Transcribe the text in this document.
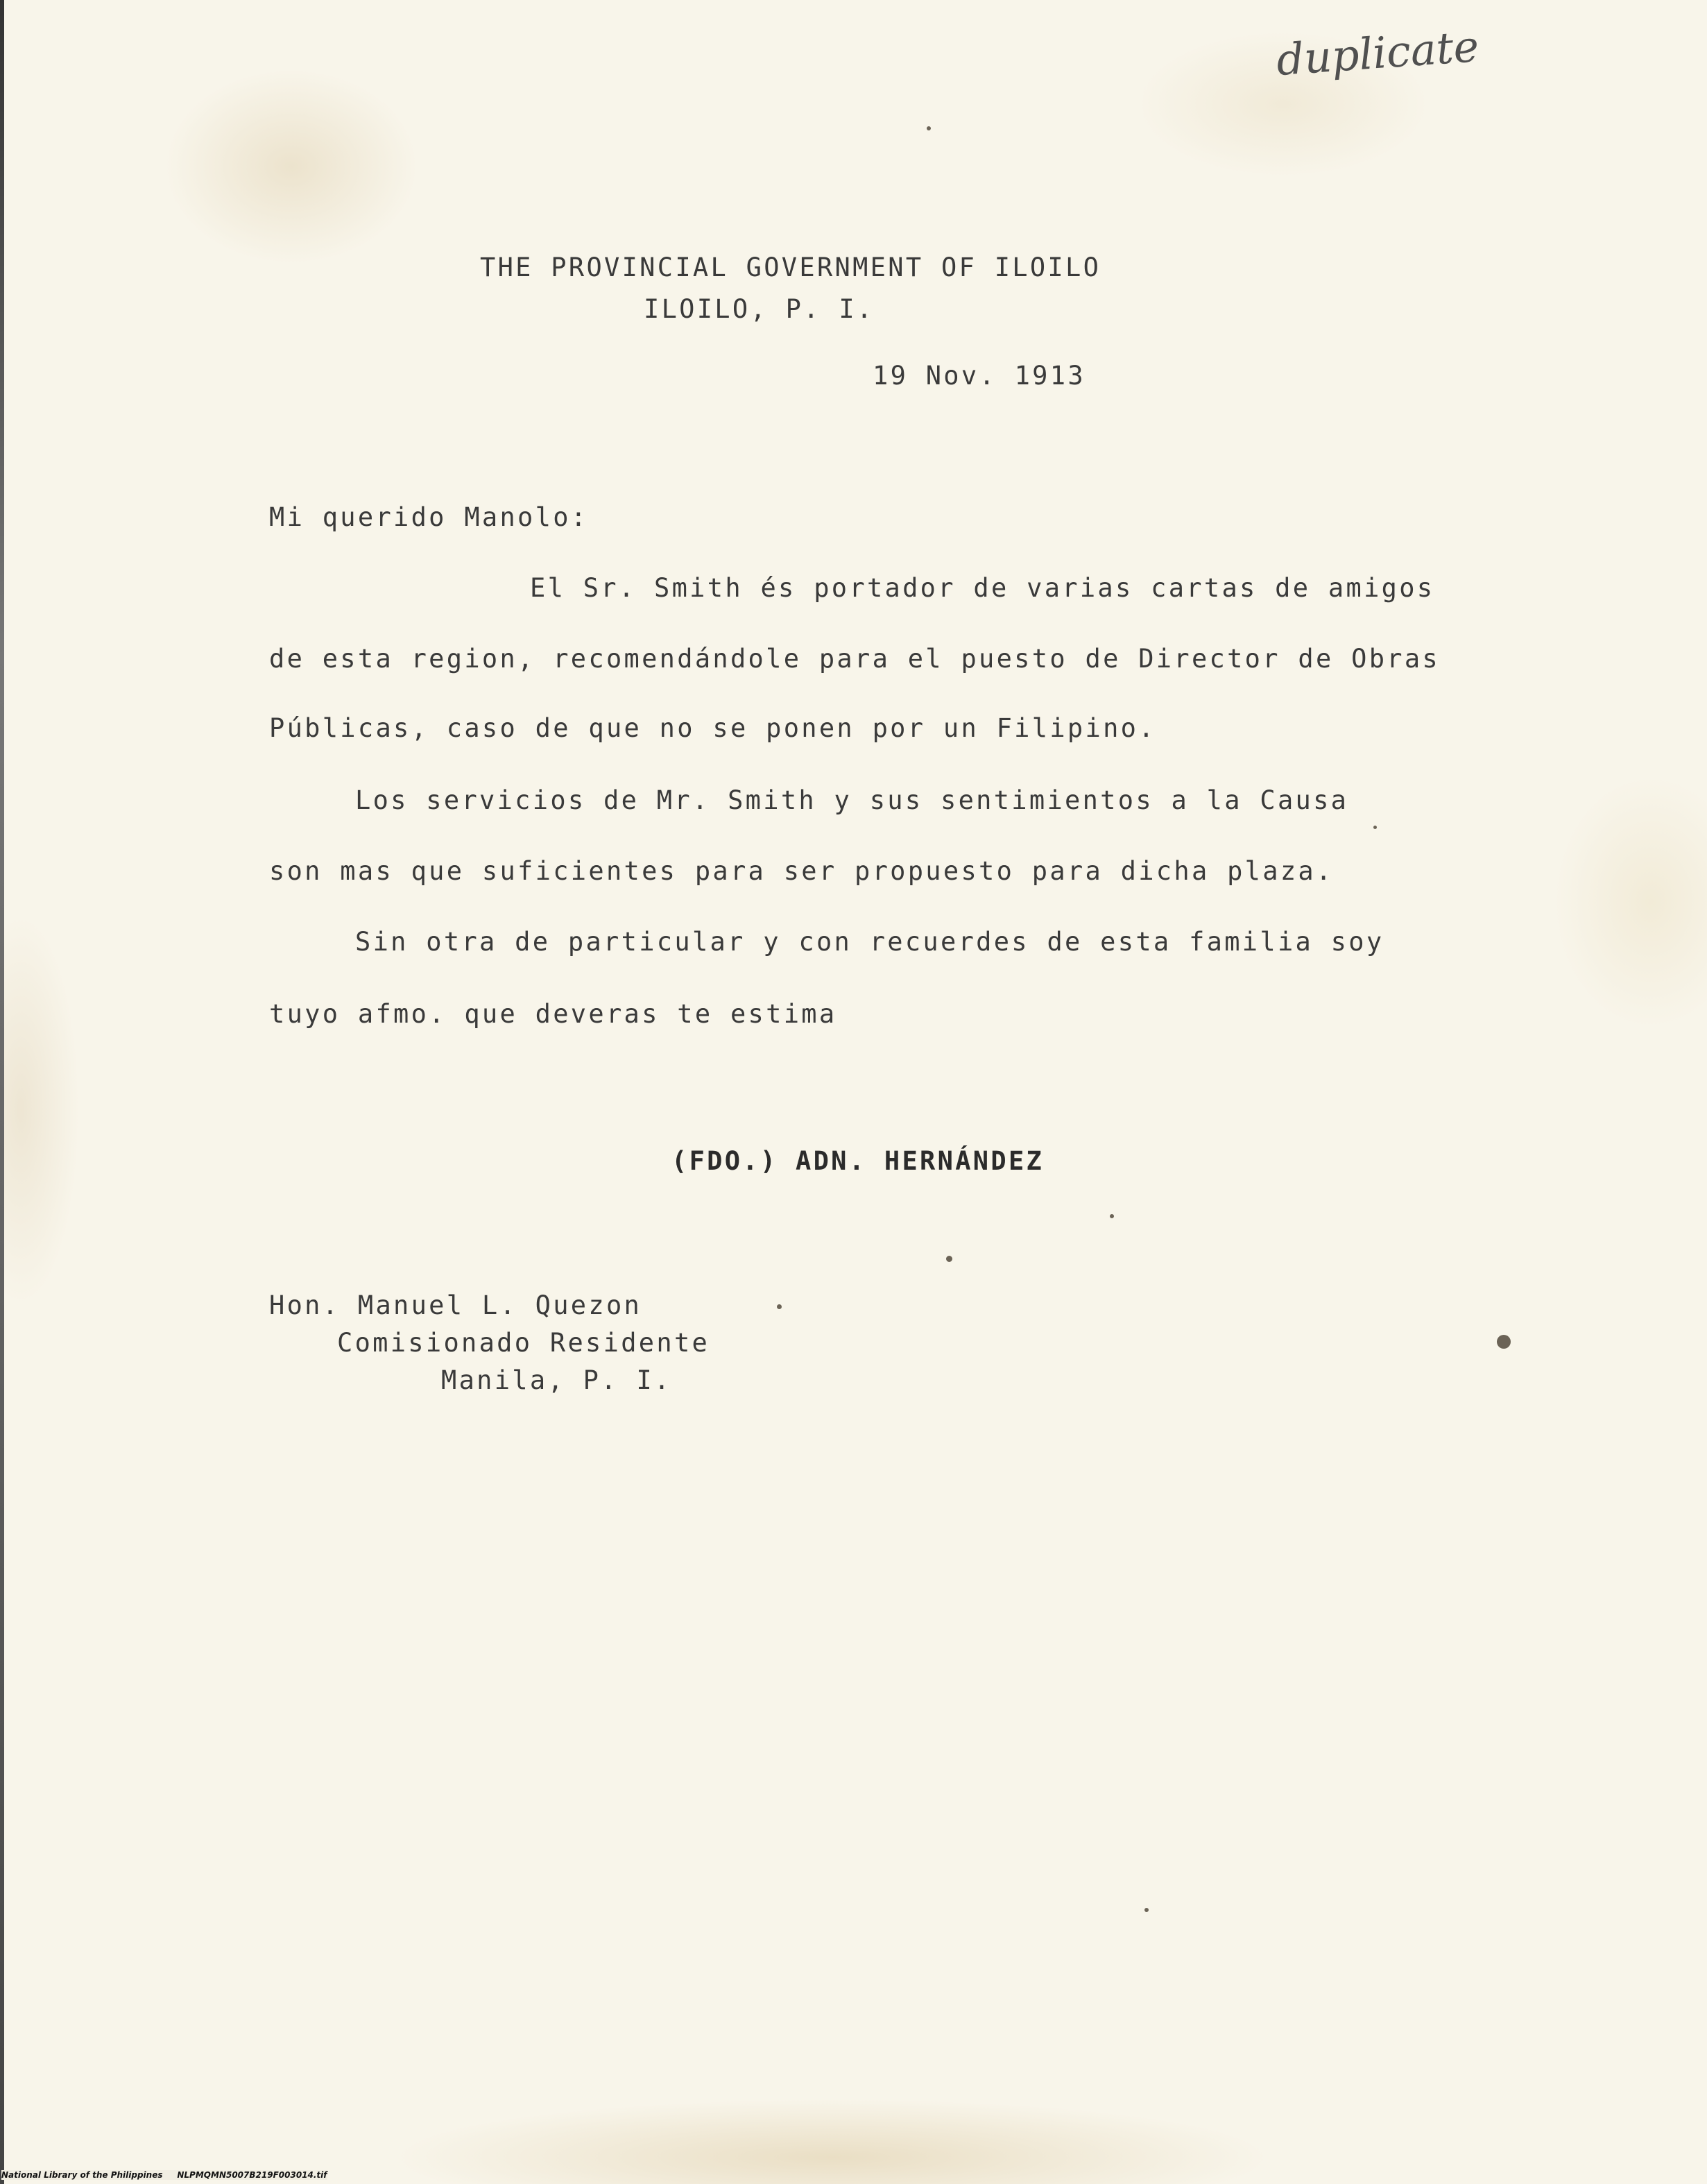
duplicate
THE PROVINCIAL GOVERNMENT OF ILOILO
ILOILO, P. I.
19 Nov. 1913
Mi querido Manolo:
El Sr. Smith és portador de varias cartas de amigos
de esta region, recomendándole para el puesto de Director de Obras
Públicas, caso de que no se ponen por un Filipino.
Los servicios de Mr. Smith y sus sentimientos a la Causa
son mas que suficientes para ser propuesto para dicha plaza.
Sin otra de particular y con recuerdes de esta familia soy
tuyo afmo. que deveras te estima
(FDO.) ADN. HERNÁNDEZ
Hon. Manuel L. Quezon
Comisionado Residente
Manila, P. I.
National Library of the Philippines     NLPMQMN5007B219F003014.tif
